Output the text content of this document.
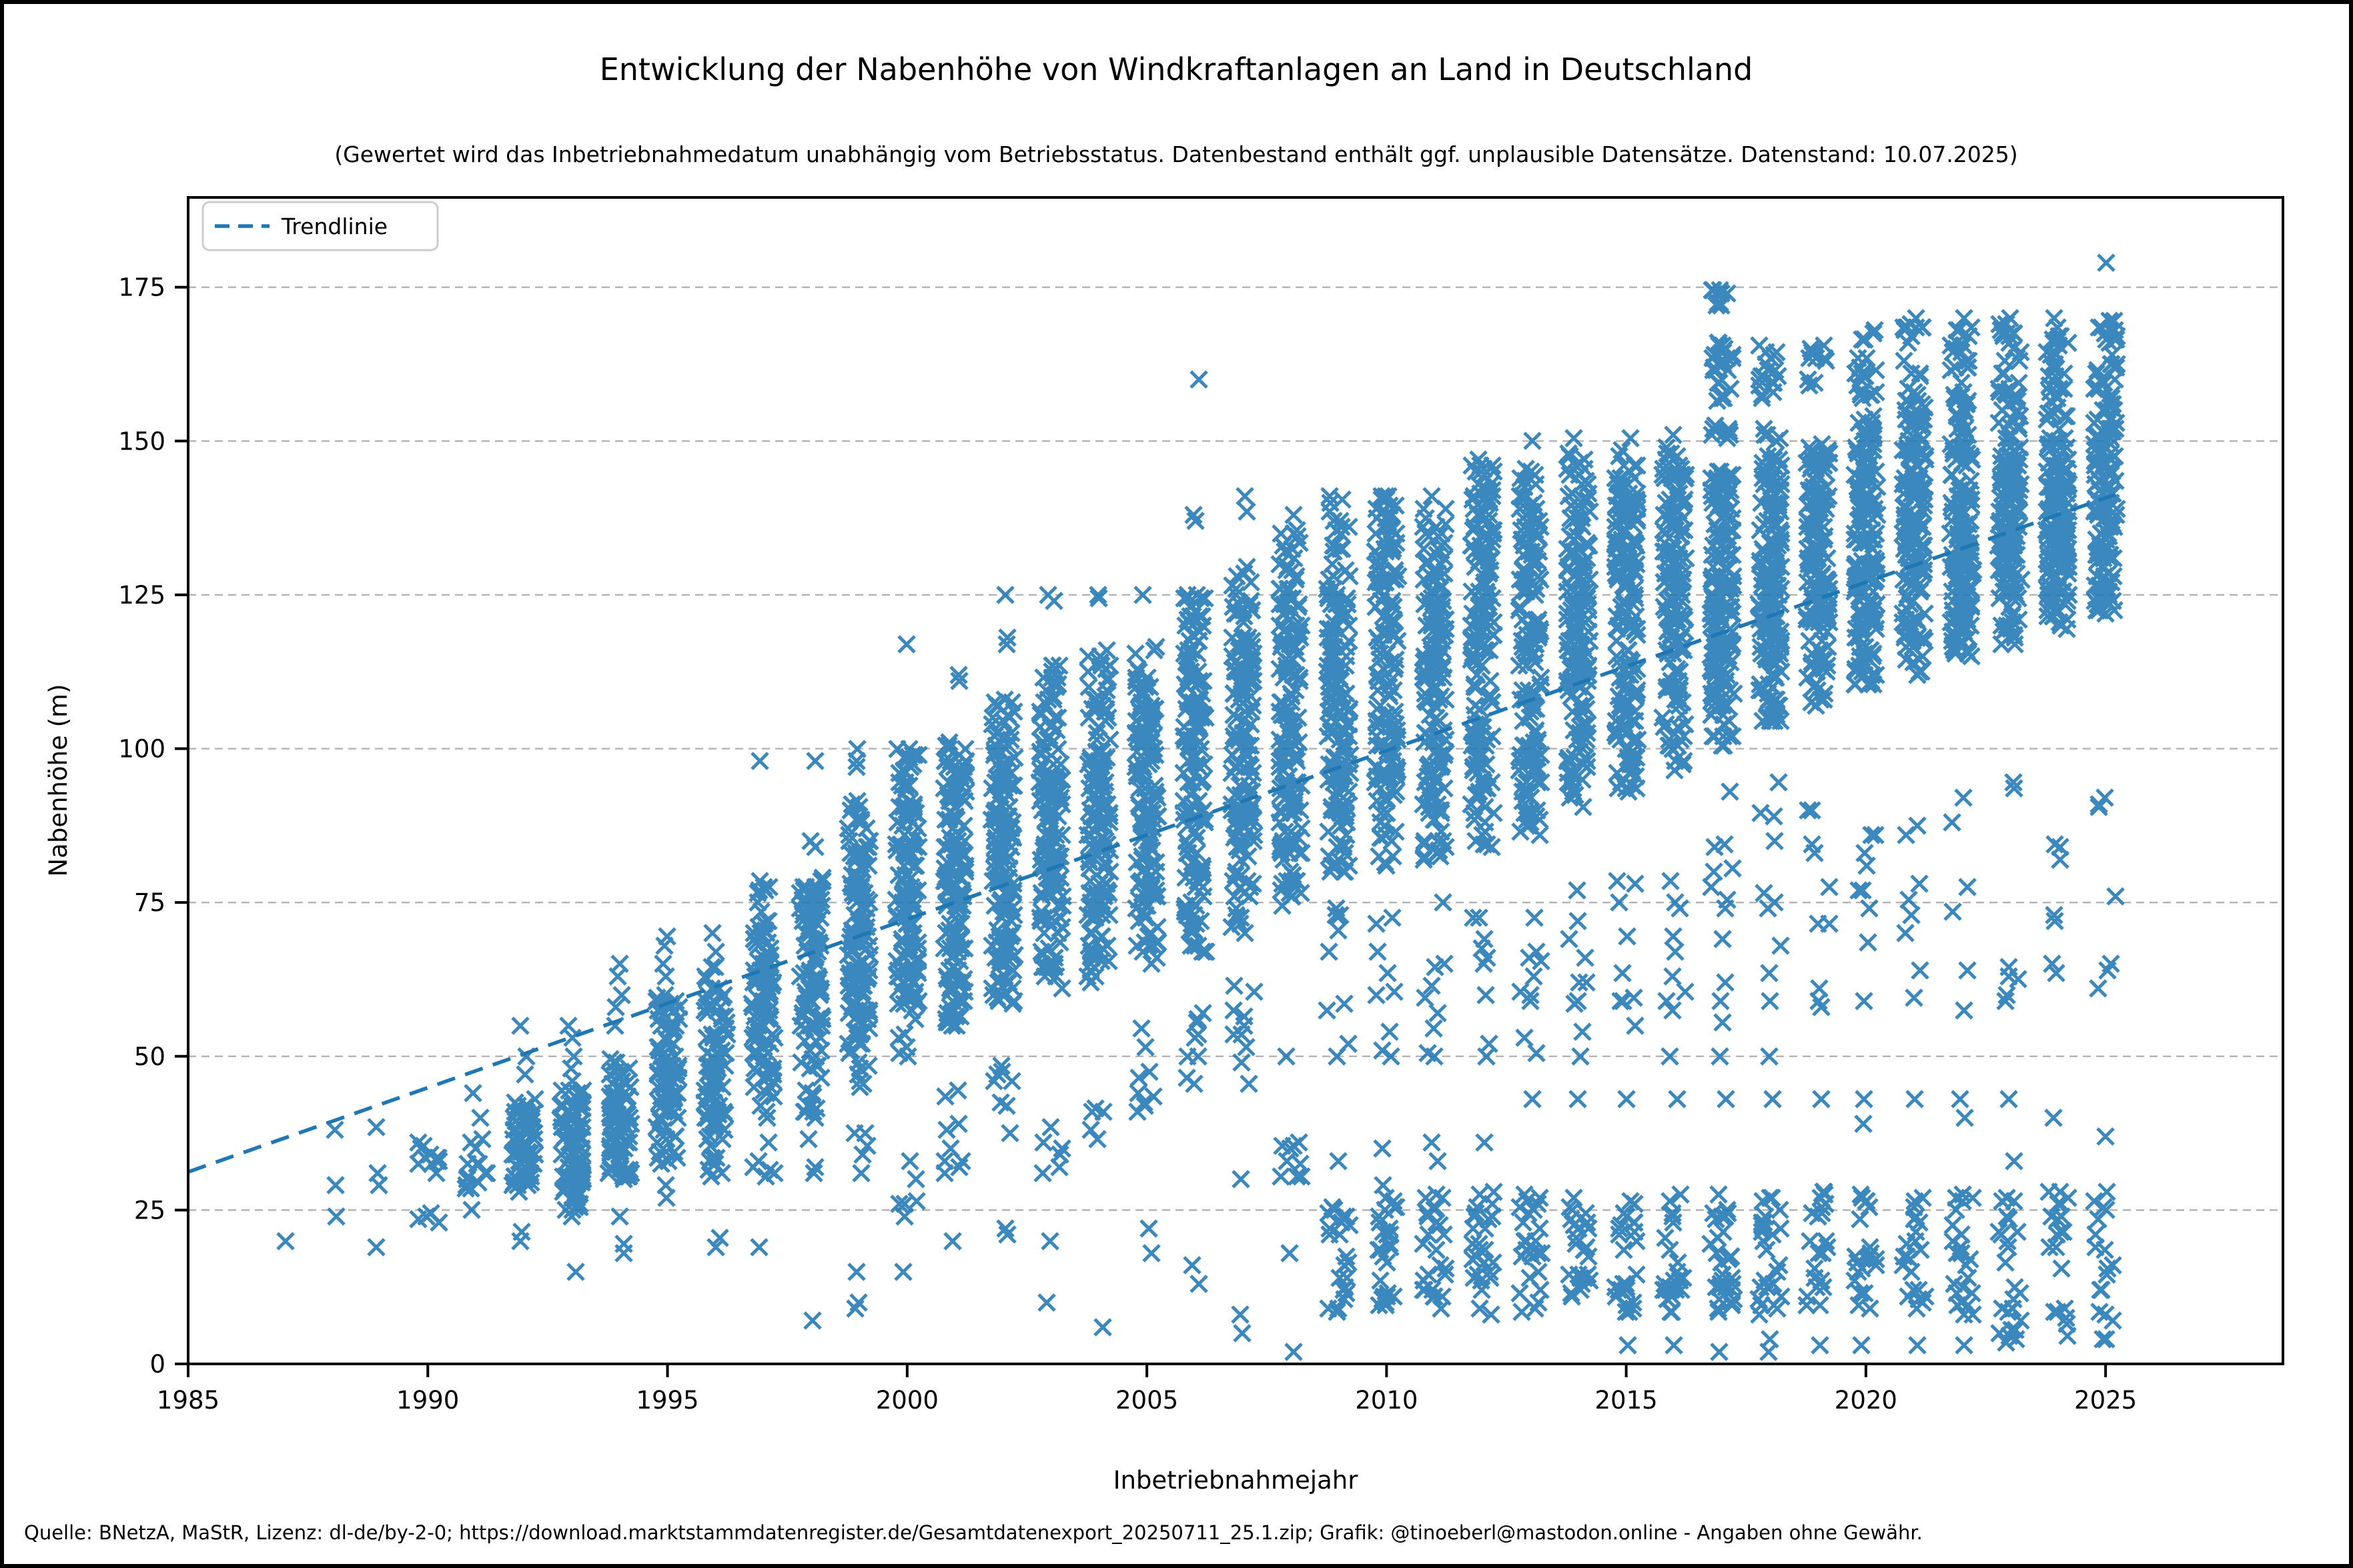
Entwicklung der Nabenhöhe von Windkraftanlagen an Land in Deutschland
(Gewertet wird das Inbetriebnahmedatum unabhängig vom Betriebsstatus. Datenbestand enthält ggf. unplausible Datensätze. Datenstand: 10.07.2025)
1985	1990	1995	2000	2005	2010	2015	2020	2025
0
25
50
75
100
125
150
175
Trendlinie
Inbetriebnahmejahr
Nabenhöhe (m)
Quelle: BNetzA, MaStR, Lizenz: dl-de/by-2-0; https://download.marktstammdatenregister.de/Gesamtdatenexport_20250711_25.1.zip; Grafik: @tinoeberl@mastodon.online - Angaben ohne Gewähr.
